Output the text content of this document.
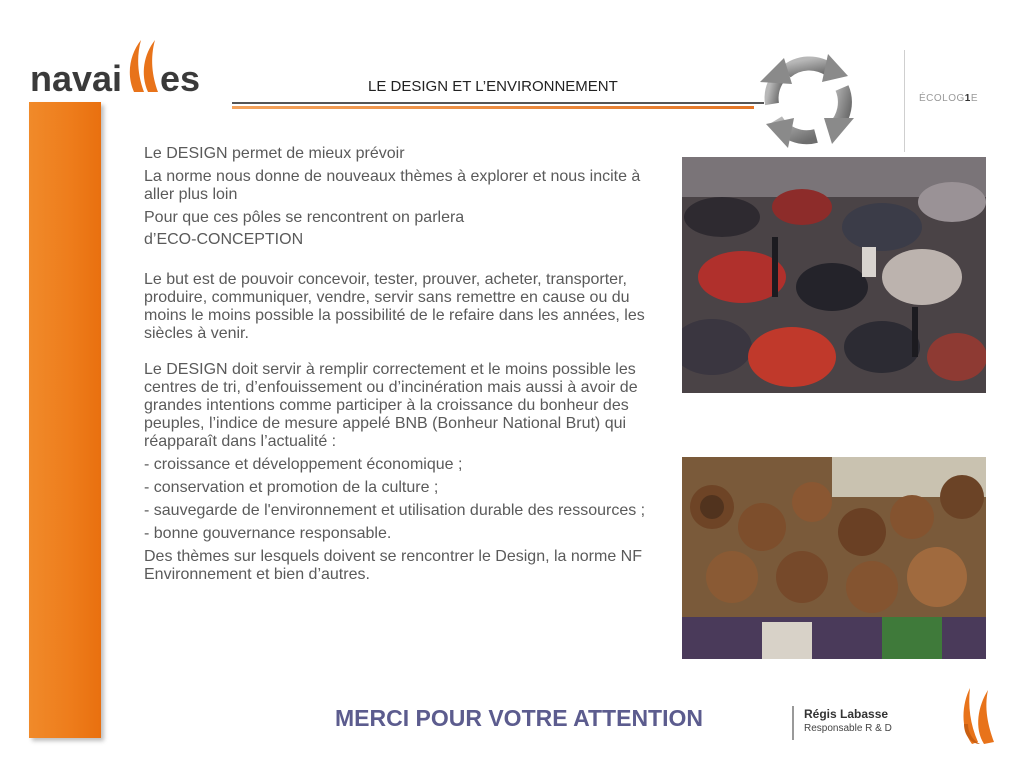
navai es	LE DESIGN ET L’ENVIRONNEMENT
ÉCOLOG1E

Le DESIGN permet de mieux prévoir

La norme nous donne de nouveaux thèmes à explorer et nous incite à aller plus loin

Pour que ces pôles se rencontrent on parlera

d’ECO-CONCEPTION

Le but est de pouvoir concevoir, tester, prouver, acheter, transporter, produire, communiquer, vendre, servir sans remettre en cause ou du moins le moins possible la possibilité de le refaire dans les années, les siècles à venir.

Le DESIGN doit servir à remplir correctement et le moins possible les centres de tri, d’enfouissement ou d’incinération mais aussi à avoir de grandes intentions comme participer à la croissance du bonheur des peuples, l’indice de mesure appelé BNB (Bonheur National Brut) qui réapparaît dans l’actualité :

- croissance et développement économique ;

- conservation et promotion de la culture ;

- sauvegarde de l'environnement et utilisation durable des ressources ;

- bonne gouvernance responsable.

Des thèmes sur lesquels doivent se rencontrer le Design, la norme NF Environnement et bien d’autres.

MERCI POUR VOTRE ATTENTION	Régis Labasse
Responsable R & D
